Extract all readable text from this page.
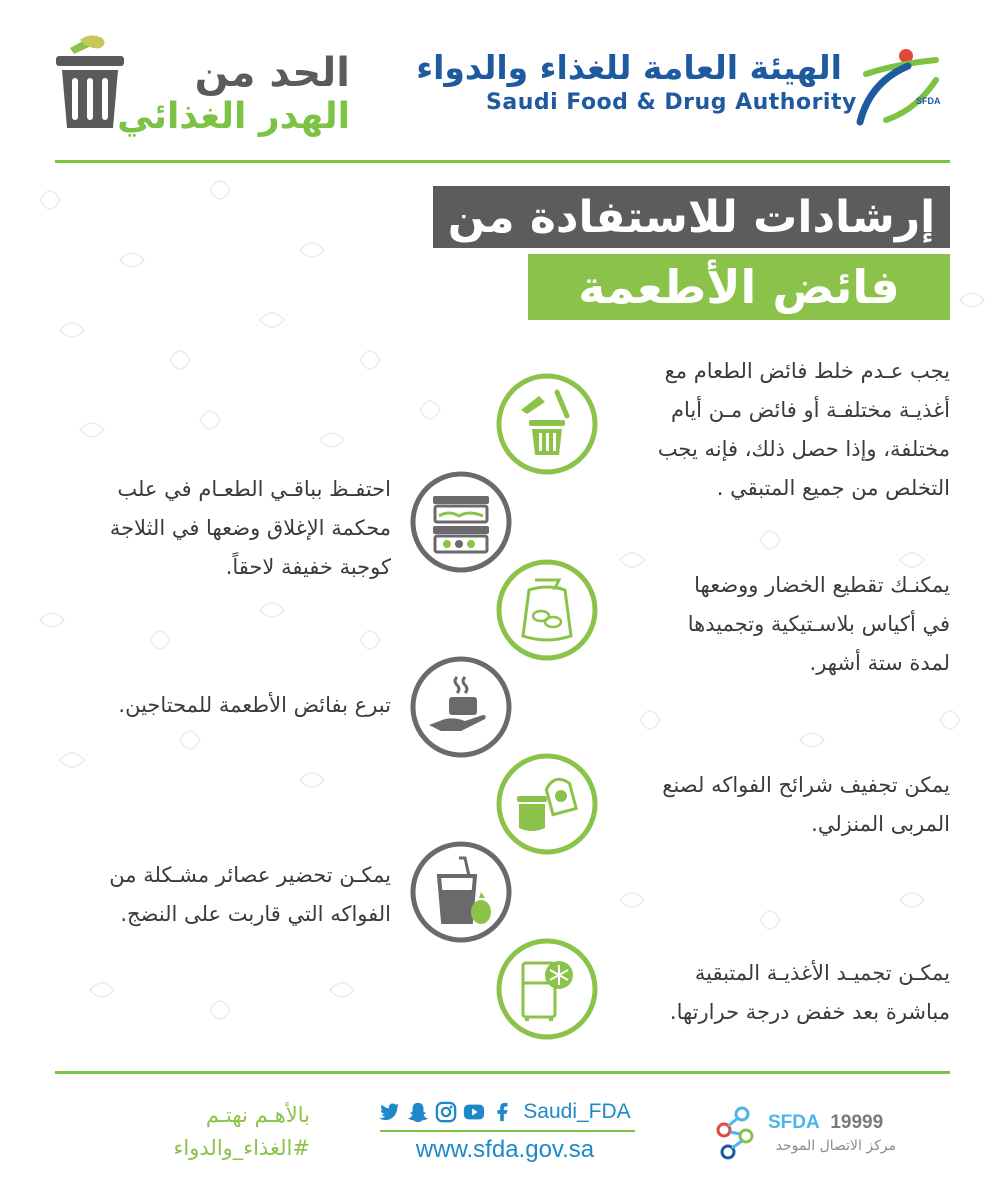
الهيئة العامة للغذاء والدواء
Saudi Food & Drug Authority	SFDA
الحد من
الهدر الغذائي
إرشادات للاستفادة من
فائض الأطعمة
يجب عـدم خلط فائض الطعام مع
أغذيـة مختلفـة أو فائض مـن أيام
مختلفة، وإذا حصل ذلك، فإنه يجب
التخلص من جميع المتبقي .
احتفـظ بباقـي الطعـام في علب
محكمة الإغلاق وضعها في الثلاجة
كوجبة خفيفة لاحقاً.
يمكنـك تقطيع الخضار ووضعها
في أكياس بلاسـتيكية وتجميدها
لمدة ستة أشهر.
تبرع بفائض الأطعمة للمحتاجين.
يمكن تجفيف شرائح الفواكه لصنع
المربى المنزلي.
يمكـن تحضير عصائر مشـكلة من
الفواكه التي قاربت على النضج.
يمكـن تجميـد الأغذيـة المتبقية
مباشرة بعد خفض درجة حرارتها.
بالأهـم نهتـم
#الغذاء_والدواء
Saudi_FDA
www.sfda.gov.sa
SFDA 19999
مركز الاتصال الموحد
